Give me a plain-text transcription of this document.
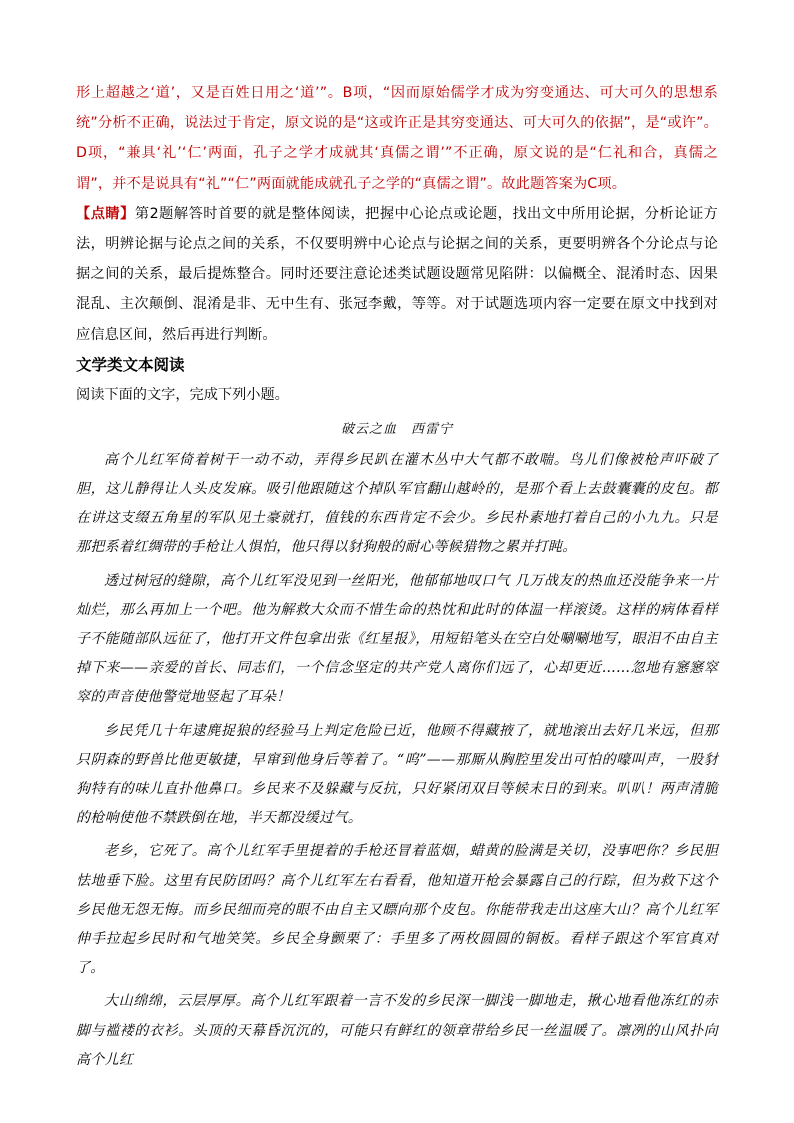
形上超越之‘道’，又是百姓日用之‘道’”。B项，“因而原始儒学才成为穷变通达、可大可久的思想系统”分析不正确，说法过于肯定，原文说的是“这或许正是其穷变通达、可大可久的依据”，是“或许”。D项，“兼具‘礼’‘仁’两面，孔子之学才成就其‘真儒之谓’”不正确，原文说的是“仁礼和合，真儒之谓”，并不是说具有“礼”“仁”两面就能成就孔子之学的“真儒之谓”。故此题答案为C项。

【点睛】第2题解答时首要的就是整体阅读，把握中心论点或论题，找出文中所用论据，分析论证方法，明辨论据与论点之间的关系，不仅要明辨中心论点与论据之间的关系，更要明辨各个分论点与论据之间的关系，最后提炼整合。同时还要注意论述类试题设题常见陷阱：以偏概全、混淆时态、因果混乱、主次颠倒、混淆是非、无中生有、张冠李戴，等等。对于试题选项内容一定要在原文中找到对应信息区间，然后再进行判断。

文学类文本阅读

阅读下面的文字，完成下列小题。

破云之血　西雷宁

高个儿红军倚着树干一动不动，弄得乡民趴在灌木丛中大气都不敢喘。鸟儿们像被枪声吓破了胆，这儿静得让人头皮发麻。吸引他跟随这个掉队军官翻山越岭的，是那个看上去鼓囊囊的皮包。都在讲这支缀五角星的军队见土豪就打，值钱的东西肯定不会少。乡民朴素地打着自己的小九九。只是那把系着红绸带的手枪让人惧怕，他只得以豺狗般的耐心等候猎物之累并打盹。

透过树冠的缝隙，高个儿红军没见到一丝阳光，他郁郁地叹口气 几万战友的热血还没能争来一片灿烂，那么再加上一个吧。他为解救大众而不惜生命的热忱和此时的体温一样滚烫。这样的病体看样子不能随部队远征了，他打开文件包拿出张《红星报》，用短铅笔头在空白处唰唰地写，眼泪不由自主掉下来——亲爱的首长、同志们，一个信念坚定的共产党人离你们远了，心却更近……忽地有窸窸窣窣的声音使他警觉地竖起了耳朵！

乡民凭几十年逮麂捉狼的经验马上判定危险已近，他顾不得藏掖了，就地滚出去好几米远，但那只阴森的野兽比他更敏捷，早窜到他身后等着了。“呜”——那厮从胸腔里发出可怕的嚎叫声，一股豺狗特有的味儿直扑他鼻口。乡民来不及躲藏与反抗，只好紧闭双目等候末日的到来。叭叭！两声清脆的枪响使他不禁跌倒在地，半天都没缓过气。

老乡，它死了。高个儿红军手里提着的手枪还冒着蓝烟，蜡黄的脸满是关切，没事吧你？乡民胆怯地垂下脸。这里有民防团吗？高个儿红军左右看看，他知道开枪会暴露自己的行踪，但为救下这个乡民他无怨无悔。而乡民细而亮的眼不由自主又瞟向那个皮包。你能带我走出这座大山？高个儿红军伸手拉起乡民时和气地笑笑。乡民全身颤栗了：手里多了两枚圆圆的铜板。看样子跟这个军官真对了。

大山绵绵，云层厚厚。高个儿红军跟着一言不发的乡民深一脚浅一脚地走，揪心地看他冻红的赤脚与褴褛的衣衫。头顶的天幕昏沉沉的，可能只有鲜红的领章带给乡民一丝温暖了。凛冽的山风扑向高个儿红
